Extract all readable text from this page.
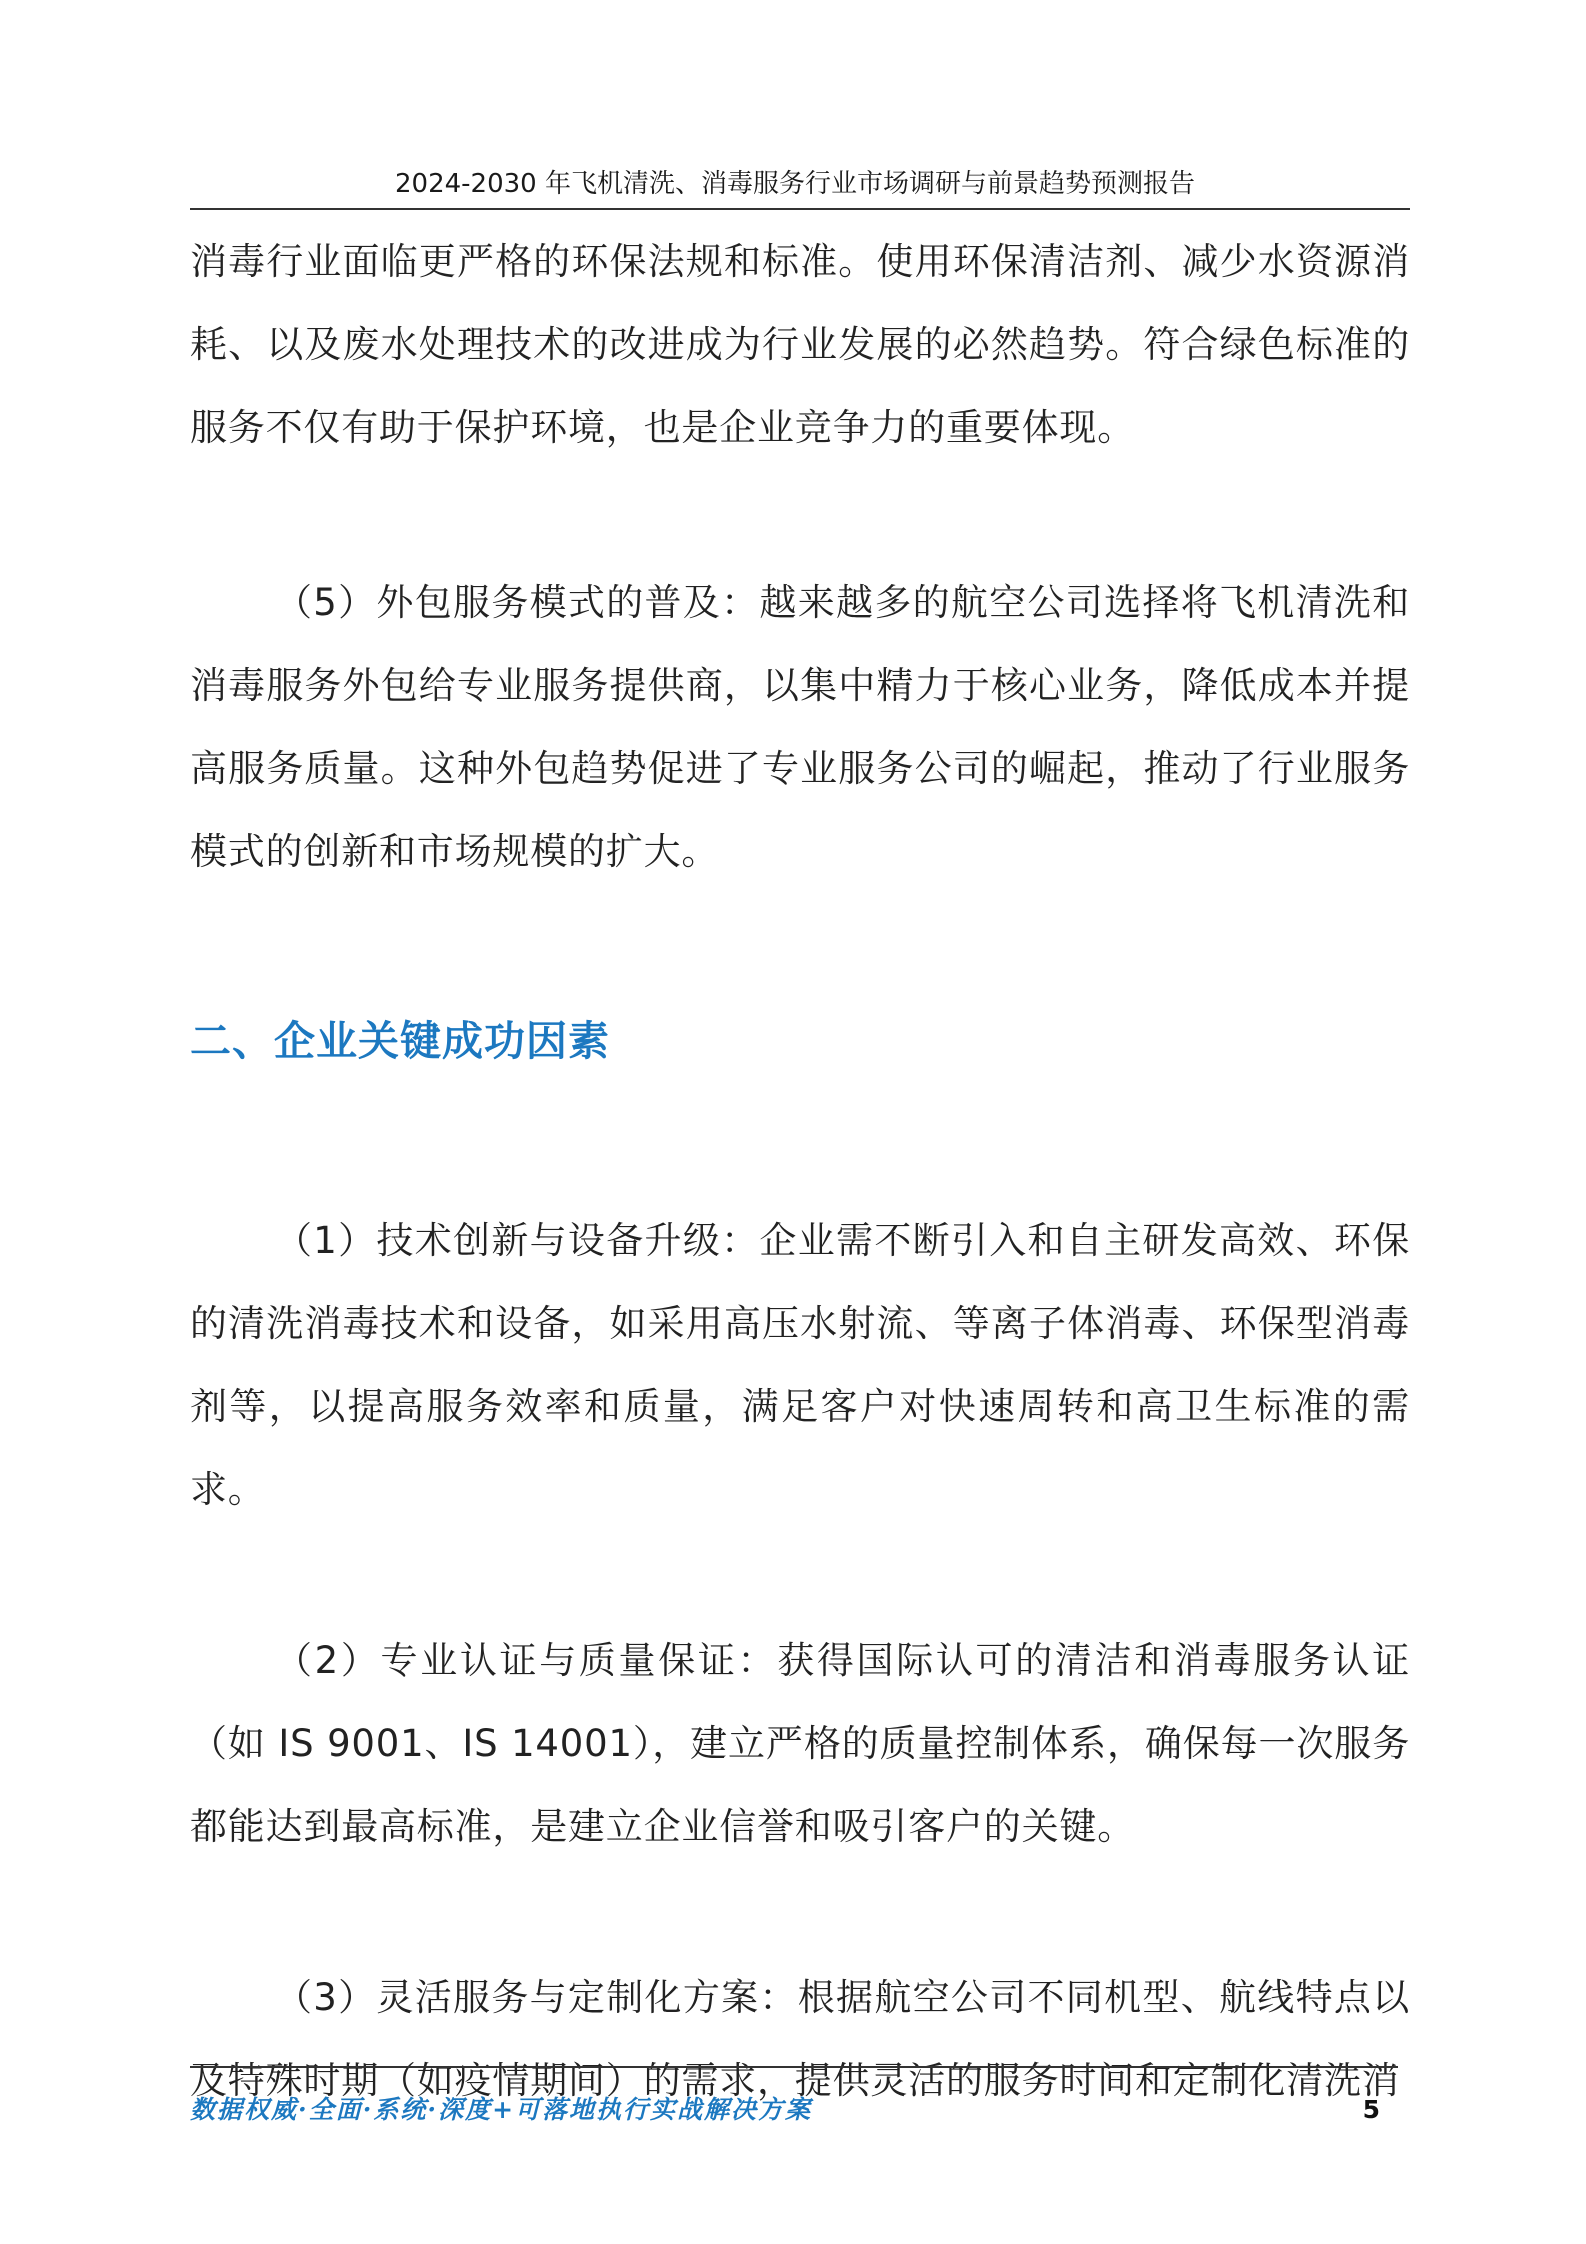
2024-2030 年飞机清洗、消毒服务行业市场调研与前景趋势预测报告

消毒行业面临更严格的环保法规和标准。使用环保清洁剂、减少水资源消耗、以及废水处理技术的改进成为行业发展的必然趋势。符合绿色标准的服务不仅有助于保护环境，也是企业竞争力的重要体现。

（5）外包服务模式的普及：越来越多的航空公司选择将飞机清洗和消毒服务外包给专业服务提供商，以集中精力于核心业务，降低成本并提高服务质量。这种外包趋势促进了专业服务公司的崛起，推动了行业服务模式的创新和市场规模的扩大。

二、企业关键成功因素

（1）技术创新与设备升级：企业需不断引入和自主研发高效、环保的清洗消毒技术和设备，如采用高压水射流、等离子体消毒、环保型消毒剂等，以提高服务效率和质量，满足客户对快速周转和高卫生标准的需求。

（2）专业认证与质量保证：获得国际认可的清洁和消毒服务认证（如 IS 9001、IS 14001），建立严格的质量控制体系，确保每一次服务都能达到最高标准，是建立企业信誉和吸引客户的关键。

（3）灵活服务与定制化方案：根据航空公司不同机型、航线特点以及特殊时期（如疫情期间）的需求，提供灵活的服务时间和定制化清洗消

数据权威·全面·系统·深度+可落地执行实战解决方案	5
